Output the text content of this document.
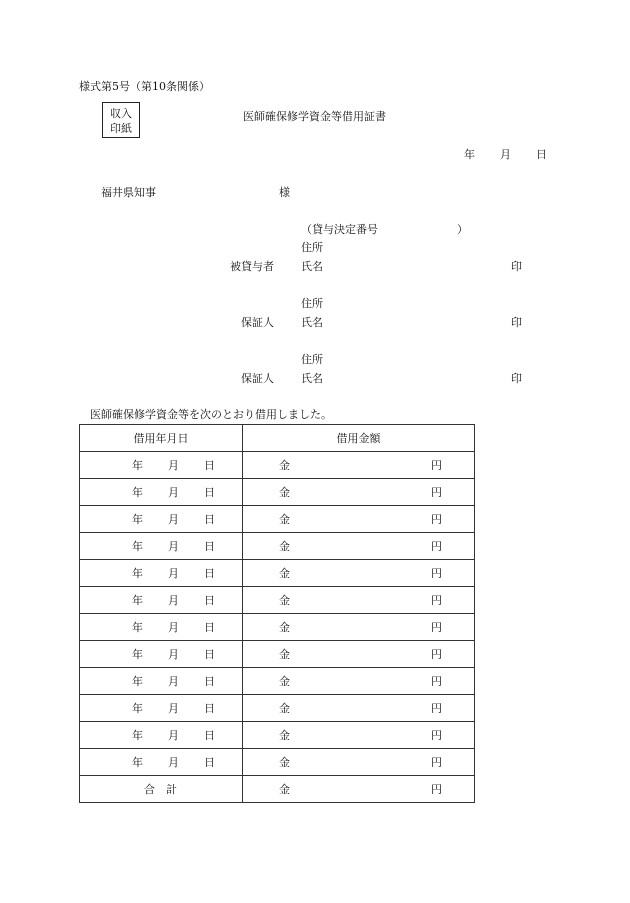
様式第5号（第10条関係）
収入
印紙
医師確保修学資金等借用証書
年 月 日
福井県知事	様
（貸与決定番号	）
住所
被貸与者 氏名	印
住所
保証人 氏名	印
住所
保証人 氏名	印
医師確保修学資金等を次のとおり借用しました。
借用年月日	借用金額

年 月 日	金 円

年 月 日	金 円

年 月 日	金 円

年 月 日	金 円

年 月 日	金 円

年 月 日	金 円

年 月 日	金 円

年 月 日	金 円

年 月 日	金 円

年 月 日	金 円

年 月 日	金 円

年 月 日	金 円

合　計	金 円
